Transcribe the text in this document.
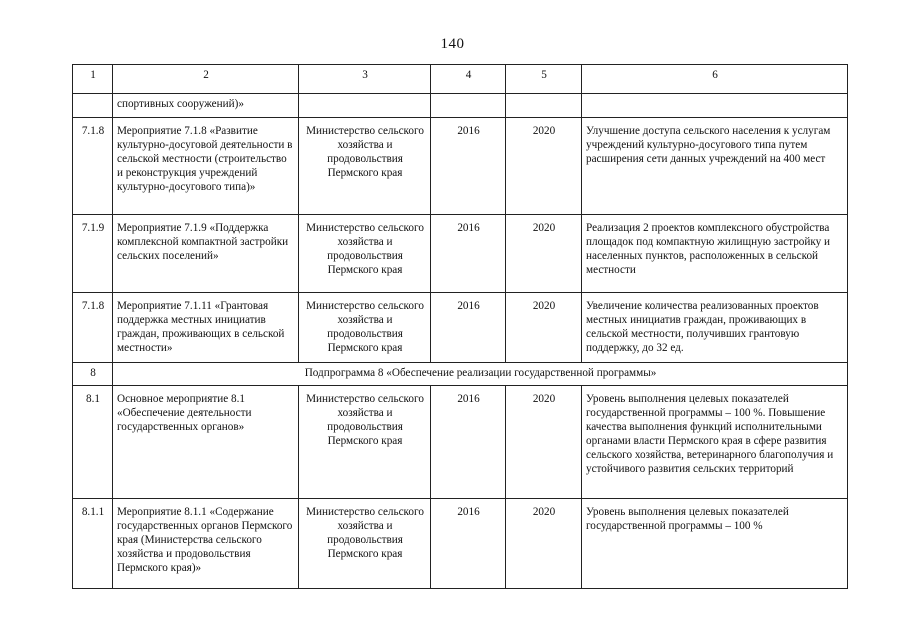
140
1	2	3	4	5	6
	спортивных сооружений)»				
7.1.8	Мероприятие 7.1.8 «Развитие культурно-досуговой деятельности в сельской местности (строительство и реконструкция учреждений культурно-досугового типа)»	Министерство сельского хозяйства и продовольствия Пермского края	2016	2020	Улучшение доступа сельского населения к услугам учреждений культурно-досугового типа путем расширения сети данных учреждений на 400 мест
7.1.9	Мероприятие 7.1.9 «Поддержка комплексной компактной застройки сельских поселений»	Министерство сельского хозяйства и продовольствия Пермского края	2016	2020	Реализация 2 проектов комплексного обустройства площадок под компактную жилищную застройку и населенных пунктов, расположенных в сельской местности
7.1.8	Мероприятие 7.1.11 «Грантовая поддержка местных инициатив граждан, проживающих в сельской местности»	Министерство сельского хозяйства и продовольствия Пермского края	2016	2020	Увеличение количества реализованных проектов местных инициатив граждан, проживающих в сельской местности, получивших грантовую поддержку, до 32 ед.
8	Подпрограмма 8 «Обеспечение реализации государственной программы»				
8.1	Основное мероприятие 8.1 «Обеспечение деятельности государственных органов»	Министерство сельского хозяйства и продовольствия Пермского края	2016	2020	Уровень выполнения целевых показателей государственной программы – 100 %. Повышение качества выполнения функций исполнительными органами власти Пермского края в сфере развития сельского хозяйства, ветеринарного благополучия и устойчивого развития сельских территорий
8.1.1	Мероприятие 8.1.1 «Содержание государственных органов Пермского края (Министерства сельского хозяйства и продовольствия Пермского края)»	Министерство сельского хозяйства и продовольствия Пермского края	2016	2020	Уровень выполнения целевых показателей государственной программы – 100 %
